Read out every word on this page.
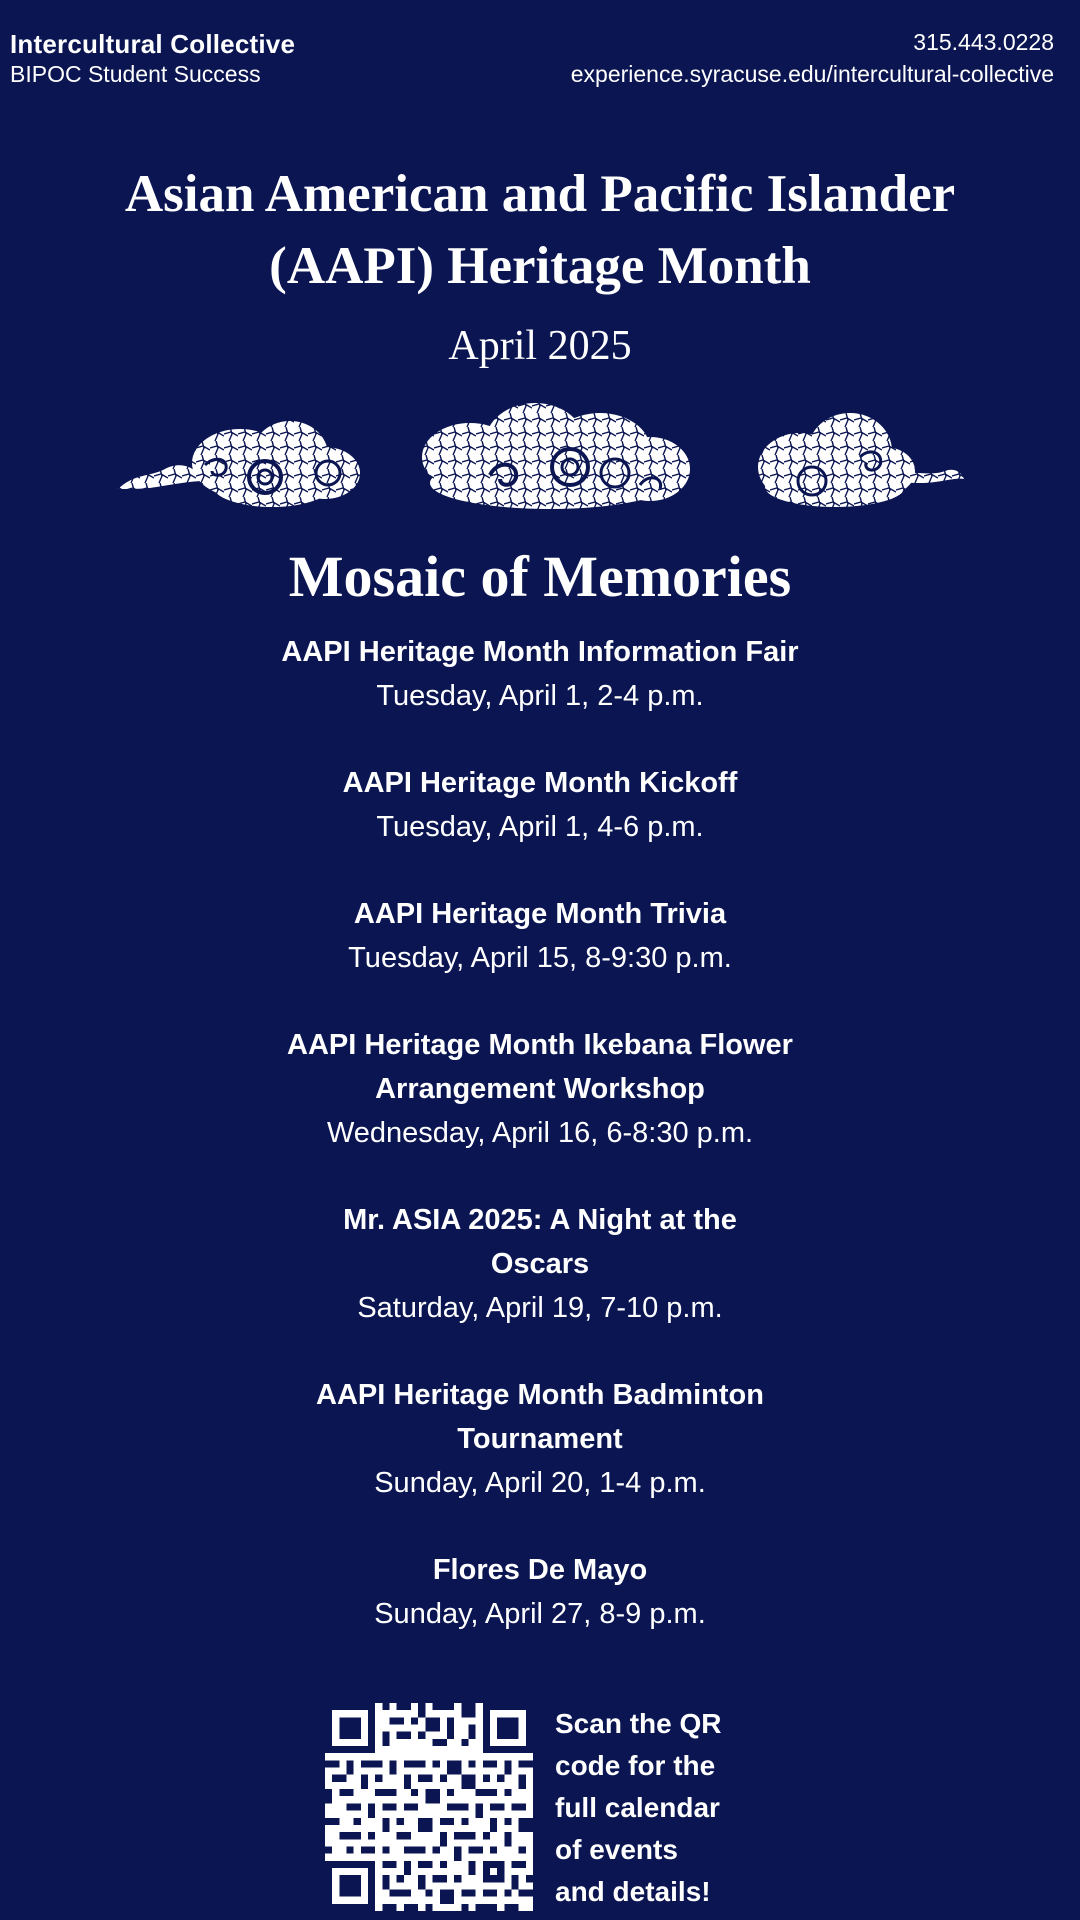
Intercultural Collective
BIPOC Student Success
315.443.0228
experience.syracuse.edu/intercultural-collective
Asian American and Pacific Islander
(AAPI) Heritage Month
April 2025
Mosaic of Memories
AAPI Heritage Month Information Fair
Tuesday, April 1, 2-4 p.m.
AAPI Heritage Month Kickoff
Tuesday, April 1, 4-6 p.m.
AAPI Heritage Month Trivia
Tuesday, April 15, 8-9:30 p.m.
AAPI Heritage Month Ikebana Flower Arrangement Workshop
Wednesday, April 16, 6-8:30 p.m.
Mr. ASIA 2025: A Night at the Oscars
Saturday, April 19, 7-10 p.m.
AAPI Heritage Month Badminton Tournament
Sunday, April 20, 1-4 p.m.
Flores De Mayo
Sunday, April 27, 8-9 p.m.
Scan the QR
code for the
full calendar
of events
and details!
